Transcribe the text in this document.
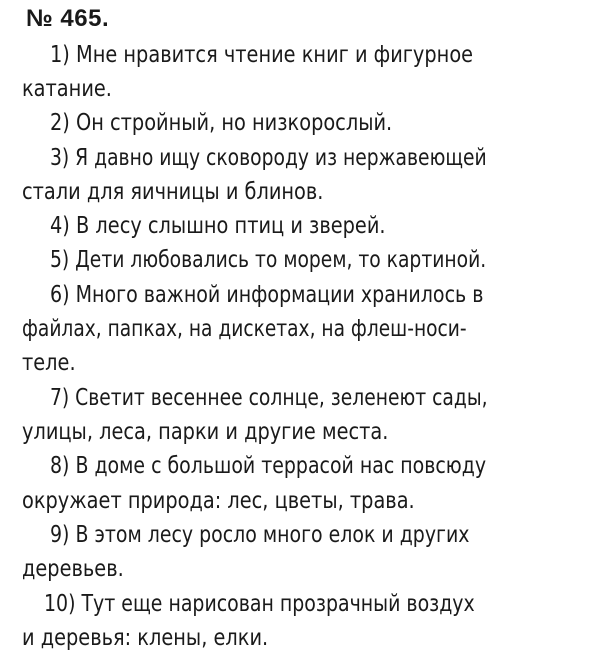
№ 465.
1) Мне нравится чтение книг и фигурное
катание.
2) Он стройный, но низкорослый.
3) Я давно ищу сковороду из нержавеющей
стали для яичницы и блинов.
4) В лесу слышно птиц и зверей.
5) Дети любовались то морем, то картиной.
6) Много важной информации хранилось в
файлах, папках, на дискетах, на флеш-носи-
теле.
7) Светит весеннее солнце, зеленеют сады,
улицы, леса, парки и другие места.
8) В доме с большой террасой нас повсюду
окружает природа: лес, цветы, трава.
9) В этом лесу росло много елок и других
деревьев.
10) Тут еще нарисован прозрачный воздух
и деревья: клены, елки.
